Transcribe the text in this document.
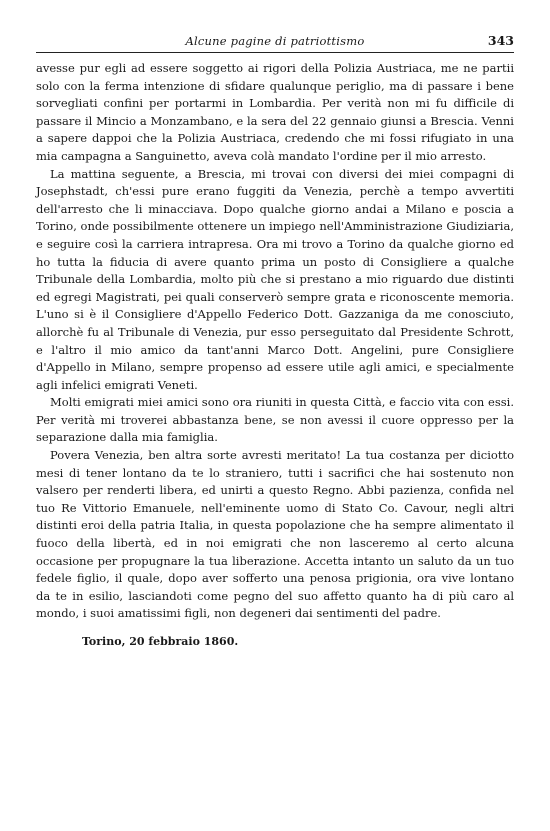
Alcune pagine di patriottismo	343

avesse pur egli ad essere soggetto ai rigori della Polizia Austriaca, me ne partii solo con la ferma intenzione di sfidare qualunque periglio, ma di passare i bene sorvegliati confini per portarmi in Lombardia. Per verità non mi fu difficile di passare il Mincio a Monzambano, e la sera del 22 gennaio giunsi a Brescia. Venni a sapere dappoi che la Polizia Austriaca, credendo che mi fossi rifugiato in una mia campagna a Sanguinetto, aveva colà mandato l'ordine per il mio arresto.

La mattina seguente, a Brescia, mi trovai con diversi dei miei compagni di Josephstadt, ch'essi pure erano fuggiti da Venezia, perchè a tempo avvertiti dell'arresto che li minacciava. Dopo qualche giorno andai a Milano e poscia a Torino, onde possibilmente ottenere un impiego nell'Amministrazione Giudiziaria, e seguire così la carriera intrapresa. Ora mi trovo a Torino da qualche giorno ed ho tutta la fiducia di avere quanto prima un posto di Consigliere a qualche Tribunale della Lombardia, molto più che si prestano a mio riguardo due distinti ed egregi Magistrati, pei quali conserverò sempre grata e riconoscente memoria. L'uno si è il Consigliere d'Appello Federico Dott. Gazzaniga da me conosciuto, allorchè fu al Tribunale di Venezia, pur esso perseguitato dal Presidente Schrott, e l'altro il mio amico da tant'anni Marco Dott. Angelini, pure Consigliere d'Appello in Milano, sempre propenso ad essere utile agli amici, e specialmente agli infelici emigrati Veneti.

Molti emigrati miei amici sono ora riuniti in questa Città, e faccio vita con essi. Per verità mi troverei abbastanza bene, se non avessi il cuore oppresso per la separazione dalla mia famiglia.

Povera Venezia, ben altra sorte avresti meritato! La tua costanza per diciotto mesi di tener lontano da te lo straniero, tutti i sacrifici che hai sostenuto non valsero per renderti libera, ed unirti a questo Regno. Abbi pazienza, confida nel tuo Re Vittorio Emanuele, nell'eminente uomo di Stato Co. Cavour, negli altri distinti eroi della patria Italia, in questa popolazione che ha sempre alimentato il fuoco della libertà, ed in noi emigrati che non lasceremo al certo alcuna occasione per propugnare la tua liberazione. Accetta intanto un saluto da un tuo fedele figlio, il quale, dopo aver sofferto una penosa prigionia, ora vive lontano da te in esilio, lasciandoti come pegno del suo affetto quanto ha di più caro al mondo, i suoi amatissimi figli, non degeneri dai sentimenti del padre.

Torino, 20 febbraio 1860.
